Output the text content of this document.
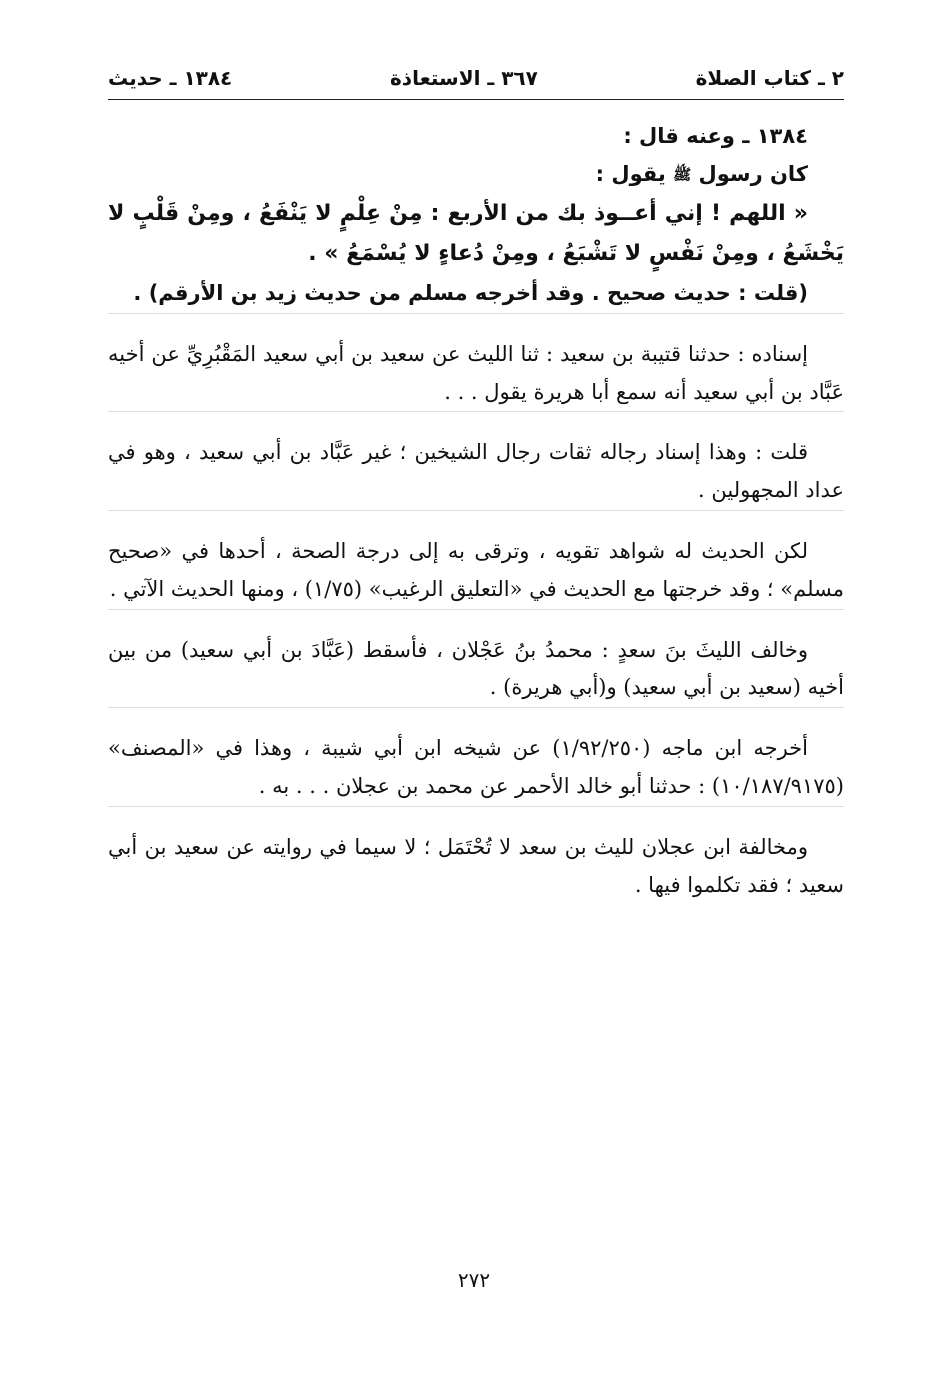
٢ ـ كتاب الصلاة
٣٦٧ ـ الاستعاذة
١٣٨٤ ـ حديث

١٣٨٤ ـ وعنه قال :

كان رسول ﷺ يقول :

« اللهم ! إني أعــوذ بك من الأربع : مِنْ عِلْمٍ لا يَنْفَعُ ، ومِنْ قَلْبٍ لا يَخْشَعُ ، ومِنْ نَفْسٍ لا تَشْبَعُ ، ومِنْ دُعاءٍ لا يُسْمَعُ » .

(قلت : حديث صحيح . وقد أخرجه مسلم من حديث زيد بن الأرقم) .

إسناده : حدثنا قتيبة بن سعيد : ثنا الليث عن سعيد بن أبي سعيد المَقْبُرِيِّ عن أخيه عَبَّاد بن أبي سعيد أنه سمع أبا هريرة يقول . . .

قلت : وهذا إسناد رجاله ثقات رجال الشيخين ؛ غير عَبَّاد بن أبي سعيد ، وهو في عداد المجهولين .

لكن الحديث له شواهد تقويه ، وترقى به إلى درجة الصحة ، أحدها في «صحيح مسلم» ؛ وقد خرجتها مع الحديث في «التعليق الرغيب» (١/٧٥) ، ومنها الحديث الآتي .

وخالف الليثَ بنَ سعدٍ : محمدُ بنُ عَجْلان ، فأسقط (عَبَّادَ بن أبي سعيد) من بين أخيه (سعيد بن أبي سعيد) و(أبي هريرة) .

أخرجه ابن ماجه (١/٩٢/٢٥٠) عن شيخه ابن أبي شيبة ، وهذا في «المصنف» (١٠/١٨٧/٩١٧٥) : حدثنا أبو خالد الأحمر عن محمد بن عجلان . . . به .

ومخالفة ابن عجلان لليث بن سعد لا تُحْتَمَل ؛ لا سيما في روايته عن سعيد بن أبي سعيد ؛ فقد تكلموا فيها .

٢٧٢
